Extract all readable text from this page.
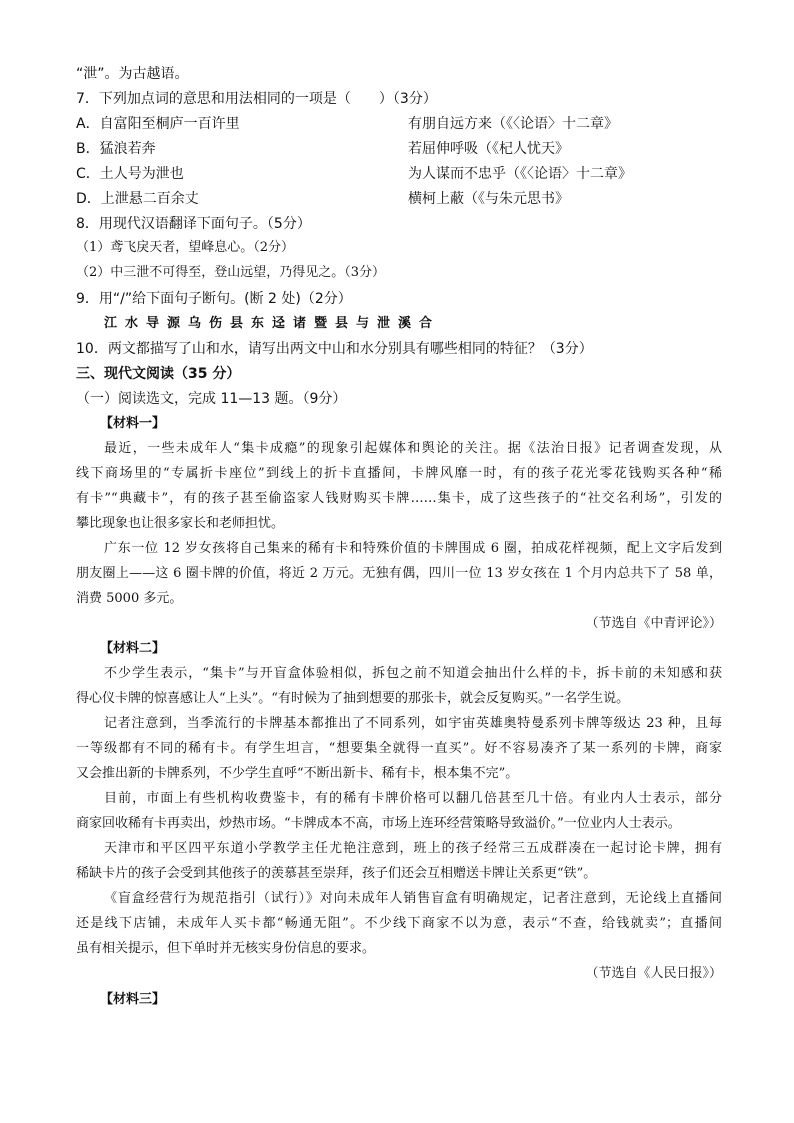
“泄”。为古越语。
7．下列加点词的意思和用法相同的一项是（　　）（3分）
A．自富阳至桐庐一百许里	有朋自远方来（《〈论语〉十二章》
B．猛浪若奔	若屈伸呼吸（《杞人忧天》
C．土人号为泄也	为人谋而不忠乎（《〈论语〉十二章》
D．上泄悬二百余丈	横柯上蔽（《与朱元思书》
8．用现代汉语翻译下面句子。（5分）
（1）鸢飞戾天者，望峰息心。（2分）
（2）中三泄不可得至，登山远望，乃得见之。（3分）
9．用“/”给下面句子断句。(断 2 处)（2分）
江水导源乌伤县东迳诸暨县与泄溪合
10．两文都描写了山和水，请写出两文中山和水分别具有哪些相同的特征？（3分）
三、现代文阅读（35 分）
（一）阅读选文，完成 11—13 题。（9分）
【材料一】
最近，一些未成年人“集卡成瘾”的现象引起媒体和舆论的关注。据《法治日报》记者调查发现，从
线下商场里的“专属折卡座位”到线上的折卡直播间，卡牌风靡一时，有的孩子花光零花钱购买各种“稀
有卡”“典藏卡”，有的孩子甚至偷盗家人钱财购买卡牌……集卡，成了这些孩子的“社交名利场”，引发的
攀比现象也让很多家长和老师担忧。
广东一位 12 岁女孩将自己集来的稀有卡和特殊价值的卡牌围成 6 圈，拍成花样视频，配上文字后发到
朋友圈上——这 6 圈卡牌的价值，将近 2 万元。无独有偶，四川一位 13 岁女孩在 1 个月内总共下了 58 单，
消费 5000 多元。
（节选自《中青评论》）
【材料二】
不少学生表示，“集卡”与开盲盒体验相似，拆包之前不知道会抽出什么样的卡，拆卡前的未知感和获
得心仪卡牌的惊喜感让人“上头”。“有时候为了抽到想要的那张卡，就会反复购买。”一名学生说。
记者注意到，当季流行的卡牌基本都推出了不同系列，如宇宙英雄奥特曼系列卡牌等级达 23 种，且每
一等级都有不同的稀有卡。有学生坦言，“想要集全就得一直买”。好不容易凑齐了某一系列的卡牌，商家
又会推出新的卡牌系列，不少学生直呼“不断出新卡、稀有卡，根本集不完”。
目前，市面上有些机构收费鉴卡，有的稀有卡牌价格可以翻几倍甚至几十倍。有业内人士表示，部分
商家回收稀有卡再卖出，炒热市场。“卡牌成本不高，市场上连环经营策略导致溢价。”一位业内人士表示。
天津市和平区四平东道小学教学主任尤艳注意到，班上的孩子经常三五成群凑在一起讨论卡牌，拥有
稀缺卡片的孩子会受到其他孩子的羡慕甚至崇拜，孩子们还会互相赠送卡牌让关系更“铁”。
《盲盒经营行为规范指引（试行）》对向未成年人销售盲盒有明确规定，记者注意到，无论线上直播间
还是线下店铺，未成年人买卡都“畅通无阻”。不少线下商家不以为意，表示“不查，给钱就卖”；直播间
虽有相关提示，但下单时并无核实身份信息的要求。
（节选自《人民日报》）
【材料三】
